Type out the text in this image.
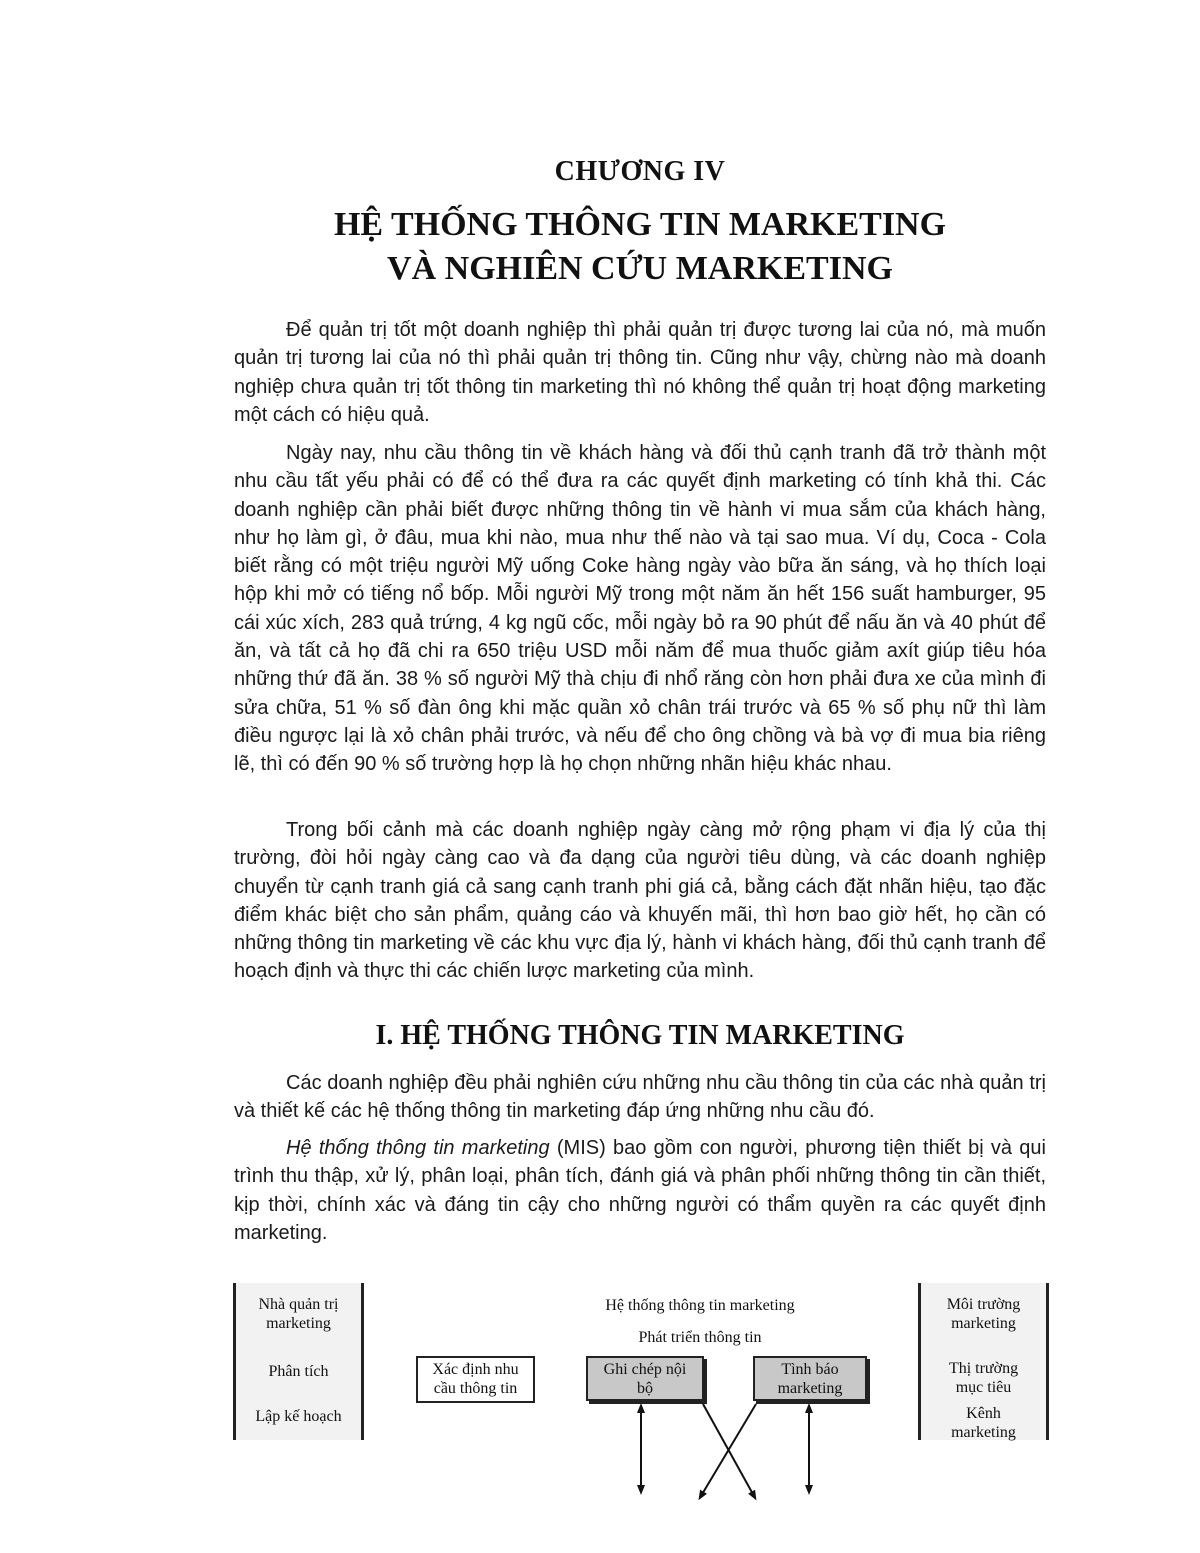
CHƯƠNG IV
HỆ THỐNG THÔNG TIN MARKETING
VÀ NGHIÊN CỨU MARKETING

Để quản trị tốt một doanh nghiệp thì phải quản trị được tương lai của nó, mà muốn quản trị tương lai của nó thì phải quản trị thông tin. Cũng như vậy, chừng nào mà doanh nghiệp chưa quản trị tốt thông tin marketing thì nó không thể quản trị hoạt động marketing một cách có hiệu quả.

Ngày nay, nhu cầu thông tin về khách hàng và đối thủ cạnh tranh đã trở thành một nhu cầu tất yếu phải có để có thể đưa ra các quyết định marketing có tính khả thi. Các doanh nghiệp cần phải biết được những thông tin về hành vi mua sắm của khách hàng, như họ làm gì, ở đâu, mua khi nào, mua như thế nào và tại sao mua. Ví dụ, Coca - Cola biết rằng có một triệu người Mỹ uống Coke hàng ngày vào bữa ăn sáng, và họ thích loại hộp khi mở có tiếng nổ bốp. Mỗi người Mỹ trong một năm ăn hết 156 suất hamburger, 95 cái xúc xích, 283 quả trứng, 4 kg ngũ cốc, mỗi ngày bỏ ra 90 phút để nấu ăn và 40 phút để ăn, và tất cả họ đã chi ra 650 triệu USD mỗi năm để mua thuốc giảm axít giúp tiêu hóa những thứ đã ăn. 38 % số người Mỹ thà chịu đi nhổ răng còn hơn phải đưa xe của mình đi sửa chữa, 51 % số đàn ông khi mặc quần xỏ chân trái trước và 65 % số phụ nữ thì làm điều ngược lại là xỏ chân phải trước, và nếu để cho ông chồng và bà vợ đi mua bia riêng lẽ, thì có đến 90 % số trường hợp là họ chọn những nhãn hiệu khác nhau.

Trong bối cảnh mà các doanh nghiệp ngày càng mở rộng phạm vi địa lý của thị trường, đòi hỏi ngày càng cao và đa dạng của người tiêu dùng, và các doanh nghiệp chuyển từ cạnh tranh giá cả sang cạnh tranh phi giá cả, bằng cách đặt nhãn hiệu, tạo đặc điểm khác biệt cho sản phẩm, quảng cáo và khuyến mãi, thì hơn bao giờ hết, họ cần có những thông tin marketing về các khu vực địa lý, hành vi khách hàng, đối thủ cạnh tranh để hoạch định và thực thi các chiến lược marketing của mình.

I. HỆ THỐNG THÔNG TIN MARKETING

Các doanh nghiệp đều phải nghiên cứu những nhu cầu thông tin của các nhà quản trị và thiết kế các hệ thống thông tin marketing đáp ứng những nhu cầu đó.

Hệ thống thông tin marketing (MIS) bao gồm con người, phương tiện thiết bị và qui trình thu thập, xử lý, phân loại, phân tích, đánh giá và phân phối những thông tin cần thiết, kịp thời, chính xác và đáng tin cậy cho những người có thẩm quyền ra các quyết định marketing.

Nhà quản trị
marketing
Phân tích
Lập kế hoạch
Hệ thống thông tin marketing
Phát triển thông tin
Xác định nhu
cầu thông tin
Ghi chép nội
bộ
Tình báo
marketing
Môi trường
marketing
Thị trường
mục tiêu
Kênh
marketing
